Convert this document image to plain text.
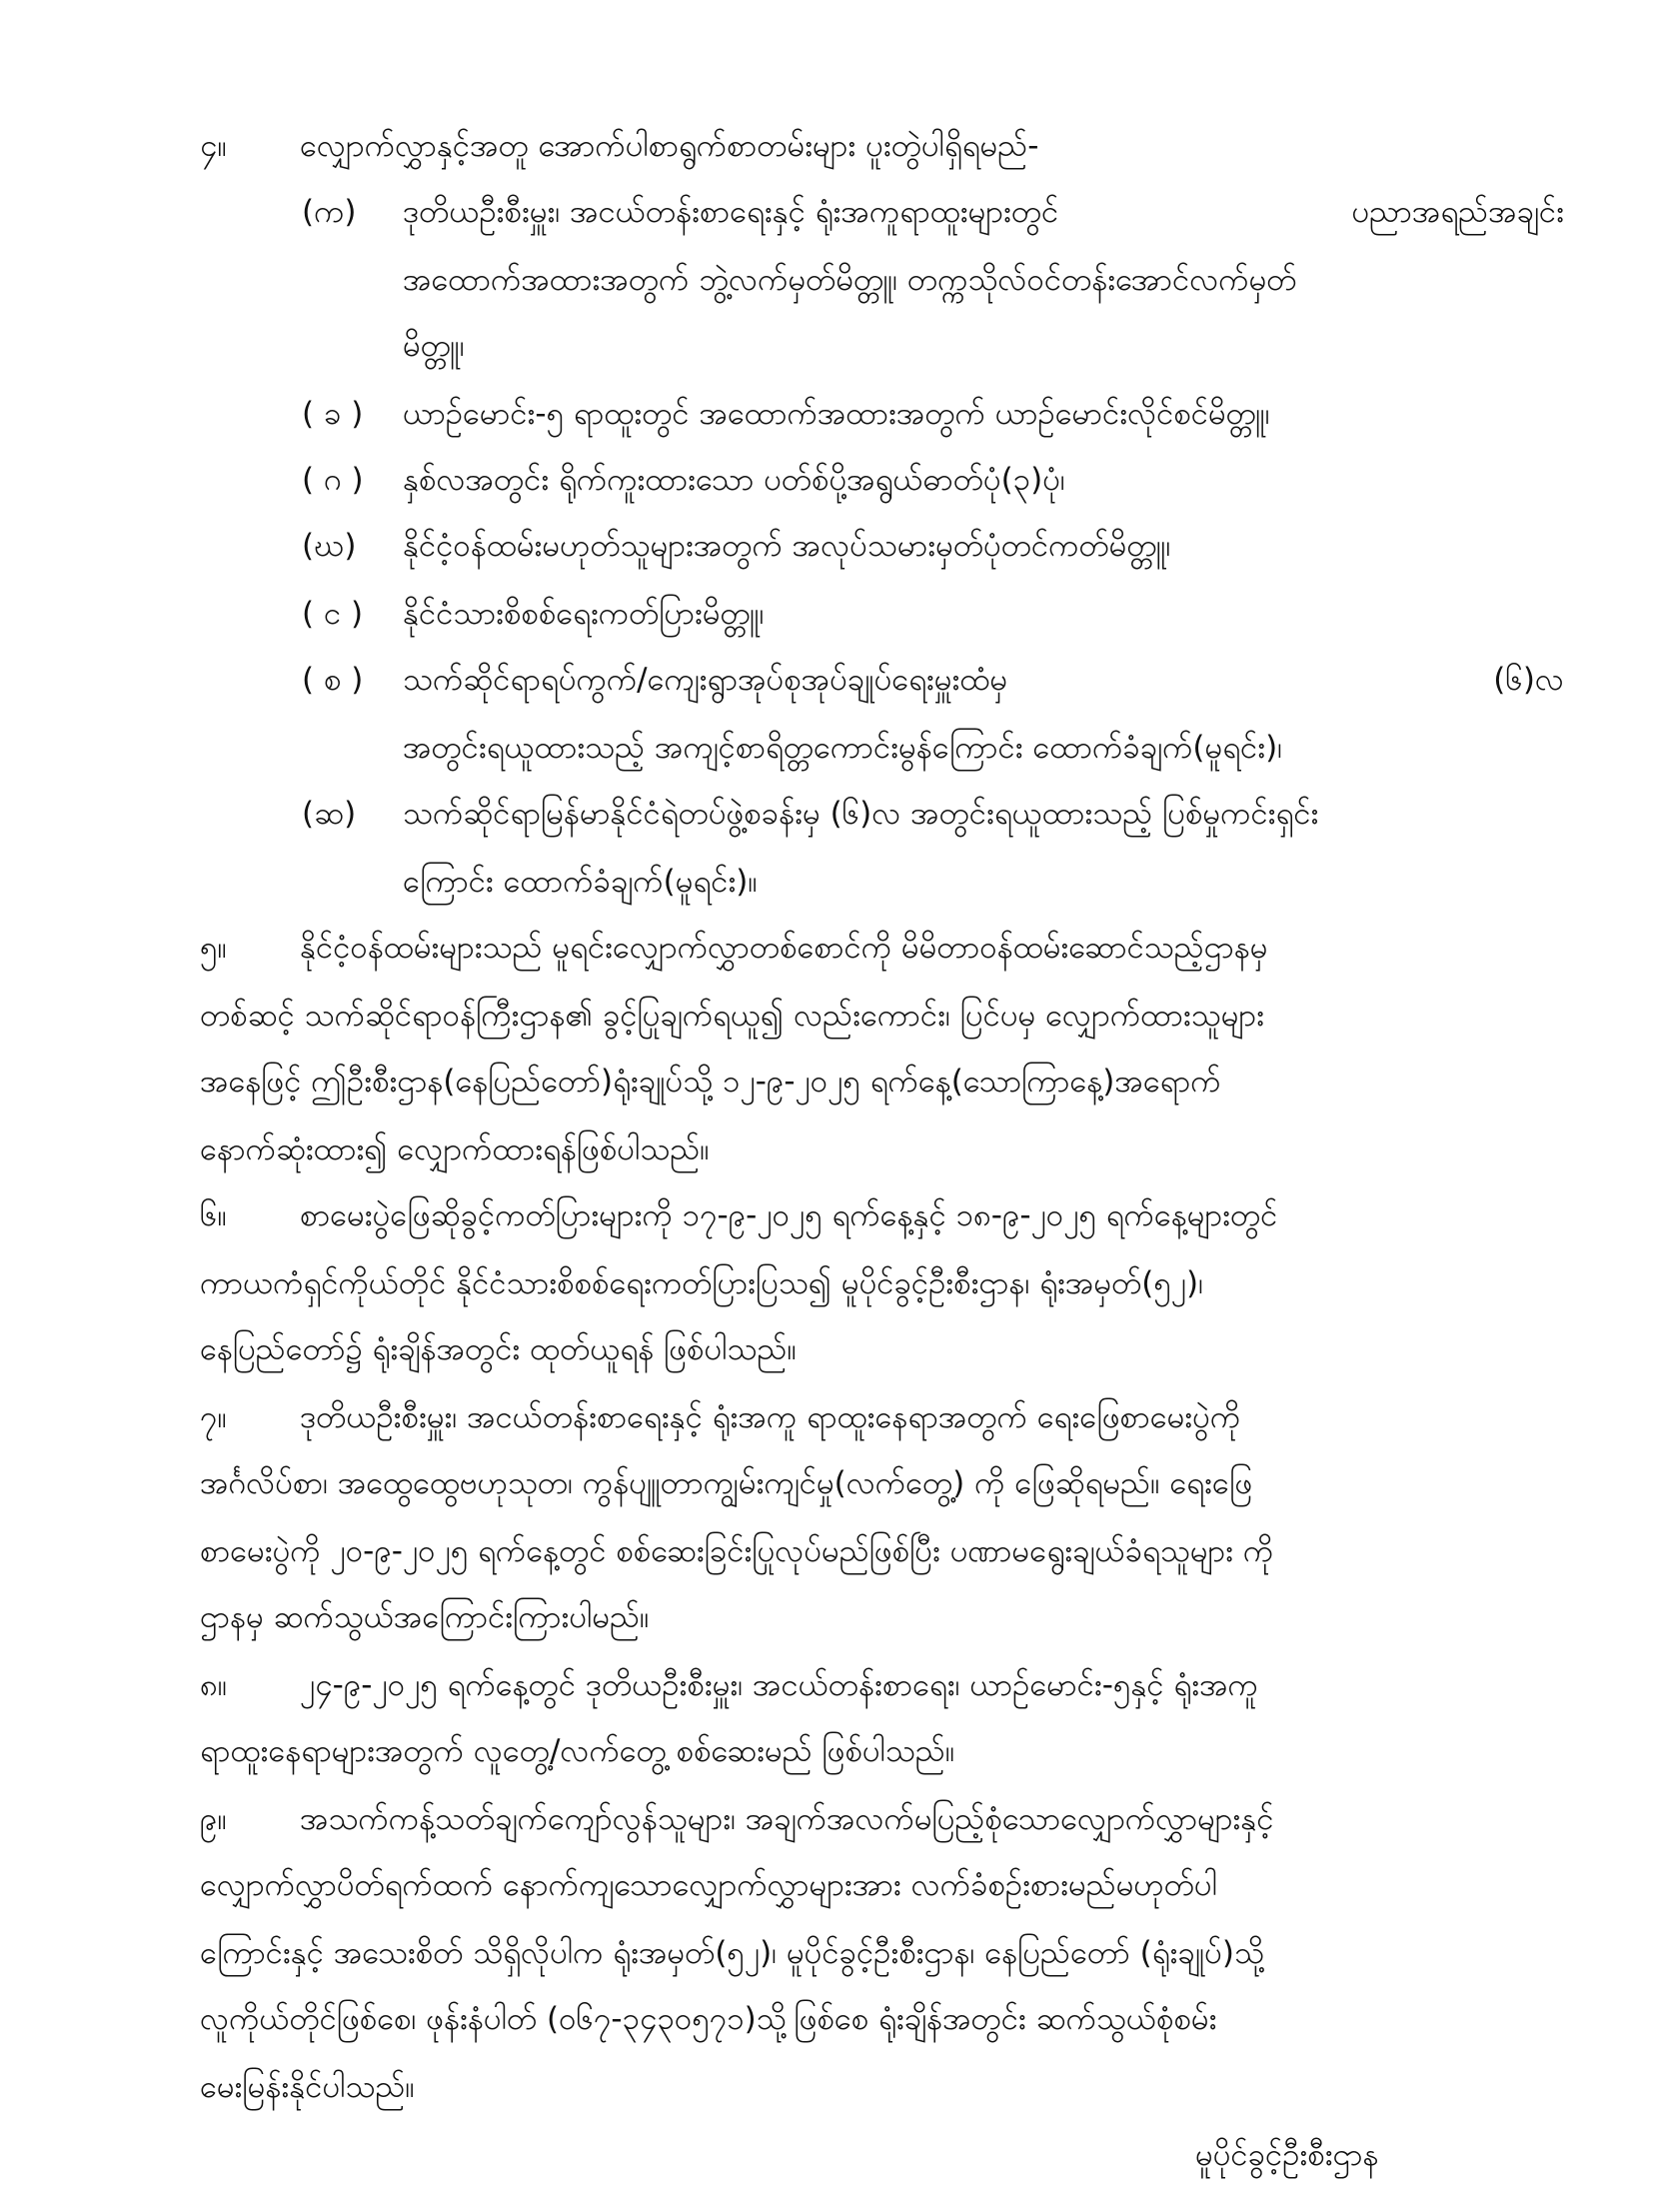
၄။ လျှောက်လွှာနှင့်အတူ အောက်ပါစာရွက်စာတမ်းများ ပူးတွဲပါရှိရမည်-
(က) ဒုတိယဦးစီးမှူး၊ အငယ်တန်းစာရေးနှင့် ရုံးအကူရာထူးများတွင်	ပညာအရည်အချင်း
အထောက်အထားအတွက် ဘွဲ့လက်မှတ်မိတ္တူ၊ တက္ကသိုလ်ဝင်တန်းအောင်လက်မှတ်
မိတ္တူ၊
( ခ ) ယာဉ်မောင်း-၅ ရာထူးတွင် အထောက်အထားအတွက် ယာဉ်မောင်းလိုင်စင်မိတ္တူ၊
( ဂ ) နှစ်လအတွင်း ရိုက်ကူးထားသော ပတ်စ်ပို့အရွယ်ဓာတ်ပုံ(၃)ပုံ၊
(ဃ) နိုင်ငံ့ဝန်ထမ်းမဟုတ်သူများအတွက် အလုပ်သမားမှတ်ပုံတင်ကတ်မိတ္တူ၊
( င ) နိုင်ငံသားစိစစ်ရေးကတ်ပြားမိတ္တူ၊
( စ ) သက်ဆိုင်ရာရပ်ကွက်/ကျေးရွာအုပ်စုအုပ်ချုပ်ရေးမှူးထံမှ	(၆)လ
အတွင်းရယူထားသည့် အကျင့်စာရိတ္တကောင်းမွန်ကြောင်း ထောက်ခံချက်(မူရင်း)၊
(ဆ) သက်ဆိုင်ရာမြန်မာနိုင်ငံရဲတပ်ဖွဲ့စခန်းမှ (၆)လ အတွင်းရယူထားသည့် ပြစ်မှုကင်းရှင်း
ကြောင်း ထောက်ခံချက်(မူရင်း)။
၅။ နိုင်ငံ့ဝန်ထမ်းများသည် မူရင်းလျှောက်လွှာတစ်စောင်ကို မိမိတာဝန်ထမ်းဆောင်သည့်ဌာနမှ
တစ်ဆင့် သက်ဆိုင်ရာဝန်ကြီးဌာန၏ ခွင့်ပြုချက်ရယူ၍ လည်းကောင်း၊ ပြင်ပမှ လျှောက်ထားသူများ
အနေဖြင့် ဤဦးစီးဌာန(နေပြည်တော်)ရုံးချုပ်သို့ ၁၂-၉-၂၀၂၅ ရက်နေ့(သောကြာနေ့)အရောက်
နောက်ဆုံးထား၍ လျှောက်ထားရန်ဖြစ်ပါသည်။
၆။ စာမေးပွဲဖြေဆိုခွင့်ကတ်ပြားများကို ၁၇-၉-၂၀၂၅ ရက်နေ့နှင့် ၁၈-၉-၂၀၂၅ ရက်နေ့များတွင်
ကာယကံရှင်ကိုယ်တိုင် နိုင်ငံသားစိစစ်ရေးကတ်ပြားပြသ၍ မူပိုင်ခွင့်ဦးစီးဌာန၊ ရုံးအမှတ်(၅၂)၊
နေပြည်တော်၌ ရုံးချိန်အတွင်း ထုတ်ယူရန် ဖြစ်ပါသည်။
၇။ ဒုတိယဦးစီးမှူး၊ အငယ်တန်းစာရေးနှင့် ရုံးအကူ ရာထူးနေရာအတွက် ရေးဖြေစာမေးပွဲကို
အင်္ဂလိပ်စာ၊ အထွေထွေဗဟုသုတ၊ ကွန်ပျူတာကျွမ်းကျင်မှု(လက်တွေ့) ကို ဖြေဆိုရမည်။ ရေးဖြေ
စာမေးပွဲကို ၂၀-၉-၂၀၂၅ ရက်နေ့တွင် စစ်ဆေးခြင်းပြုလုပ်မည်ဖြစ်ပြီး ပဏာမရွေးချယ်ခံရသူများ ကို
ဌာနမှ ဆက်သွယ်အကြောင်းကြားပါမည်။
၈။ ၂၄-၉-၂၀၂၅ ရက်နေ့တွင် ဒုတိယဦးစီးမှူး၊ အငယ်တန်းစာရေး၊ ယာဉ်မောင်း-၅နှင့် ရုံးအကူ
ရာထူးနေရာများအတွက် လူတွေ့/လက်တွေ့ စစ်ဆေးမည် ဖြစ်ပါသည်။
၉။ အသက်ကန့်သတ်ချက်ကျော်လွန်သူများ၊ အချက်အလက်မပြည့်စုံသောလျှောက်လွှာများနှင့်
လျှောက်လွှာပိတ်ရက်ထက် နောက်ကျသောလျှောက်လွှာများအား လက်ခံစဉ်းစားမည်မဟုတ်ပါ
ကြောင်းနှင့် အသေးစိတ် သိရှိလိုပါက ရုံးအမှတ်(၅၂)၊ မူပိုင်ခွင့်ဦးစီးဌာန၊ နေပြည်တော် (ရုံးချုပ်)သို့
လူကိုယ်တိုင်ဖြစ်စေ၊ ဖုန်းနံပါတ် (၀၆၇-၃၄၃၀၅၇၁)သို့ဖြစ်စေ ရုံးချိန်အတွင်း ဆက်သွယ်စုံစမ်း
မေးမြန်းနိုင်ပါသည်။
မူပိုင်ခွင့်ဦးစီးဌာန
